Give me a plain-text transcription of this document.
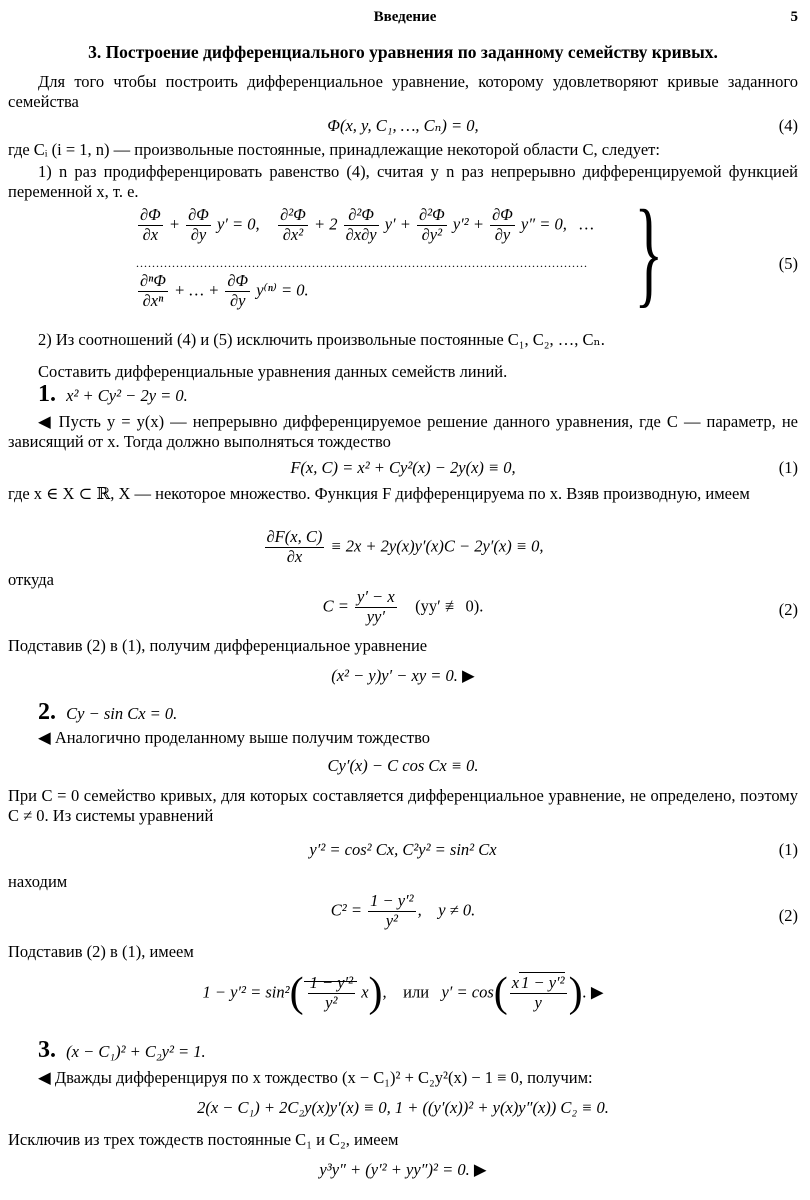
Введение	5
3. Построение дифференциального уравнения по заданному семейству кривых.
Для того чтобы построить дифференциальное уравнение, которому удовлетворяют кривые заданного семейства
Φ(x, y, C₁, …, Cₙ) = 0,	(4)
где Cᵢ (i = 1, n) — произвольные постоянные, принадлежащие некоторой области C, следует:
1) n раз продифференцировать равенство (4), считая y n раз непрерывно дифференцируемой функцией переменной x, т. е.
$\frac{\partial\Phi}{\partial x} + \frac{\partial\Phi}{\partial y} y' = 0$, $\frac{\text{∂²Φ}}{\text{∂x²}} + 2 \frac{\text{∂²Φ}}{\partial x\partial y} y' + \frac{\text{∂²Φ}}{\text{∂y²}} y'^2 + \frac{\partial\Phi}{\partial y} y'' = 0$,   …
.................................................................................................................
$\frac{\text{∂ⁿΦ}}{\text{∂xⁿ}}$ + … + $\frac{\partial\Phi}{\partial y} y^{(n)} = 0$.	}	(5)
2) Из соотношений (4) и (5) исключить произвольные постоянные C₁, C₂, …, Cₙ.
Составить дифференциальные уравнения данных семейств линий.
1. x² + Cy² − 2y = 0.
◀ Пусть y = y(x) — непрерывно дифференцируемое решение данного уравнения, где C — параметр, не зависящий от x. Тогда должно выполняться тождество
F(x, C) = x² + Cy²(x) − 2y(x) ≡ 0,	(1)
где x ∈ X ⊂ ℝ, X — некоторое множество. Функция F дифференцируема по x. Взяв производную, имеем
$\frac{\partial F(x, C)}{\partial x} \equiv 2x + 2y(x)y'(x)C - 2y'(x) \equiv 0$,
откуда
$C = \frac{y' - x}{yy'} (yy'$ ≢ 0).	(2)
Подставив (2) в (1), получим дифференциальное уравнение
(x² − y)y′ − xy = 0. ▶
2. Cy − sin Cx = 0.
◀ Аналогично проделанному выше получим тождество
Cy′(x) − C cos Cx ≡ 0.
При C = 0 семейство кривых, для которых составляется дифференциальное уравнение, не определено, поэтому C ≠ 0. Из системы уравнений
y′² = cos² Cx, C²y² = sin² Cx	(1)
находим
$C^2 = \frac{\text{1 − y′²}}{\text{y²}}$ ,    y ≠ 0.	(2)
Подставив (2) в (1), имеем
$1 - y'^2 = \sin^2( \frac{\text{1 − y′²}}{\text{y²}} x)$,    или   $y' = \cos( \frac{\text{x 1 − y′²}}{y}$ ). ▶
3. (x − C₁)² + C₂y² = 1.
◀ Дважды дифференцируя по x тождество (x − C₁)² + C₂y²(x) − 1 ≡ 0, получим:
2(x − C₁) + 2C₂y(x)y′(x) ≡ 0, 1 + ((y′(x))² + y(x)y″(x)) C₂ ≡ 0.
Исключив из трех тождеств постоянные C₁ и C₂, имеем
y³y″ + (y′² + yy″)² = 0. ▶
